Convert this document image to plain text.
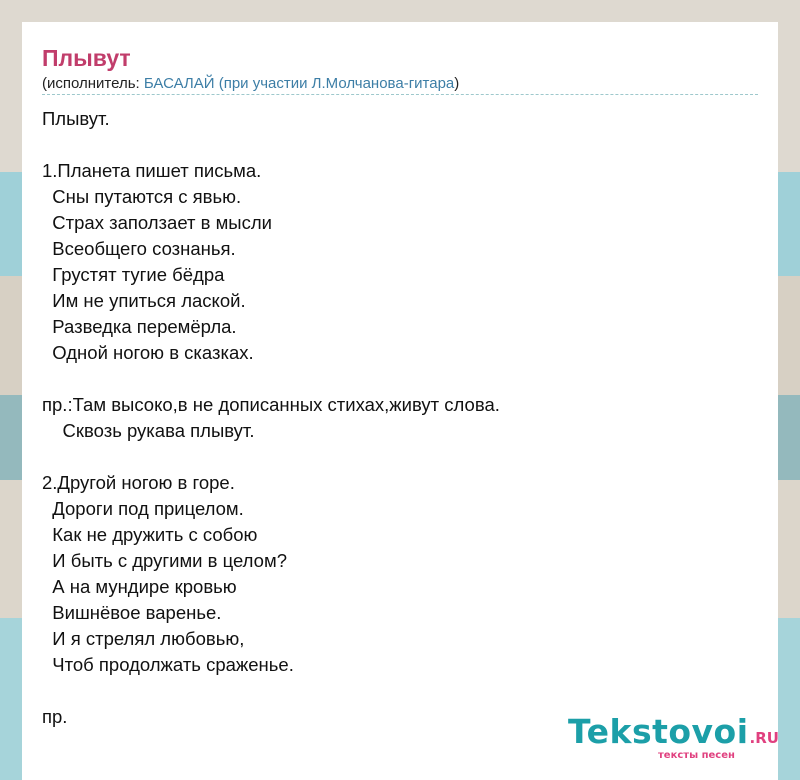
Плывут
(исполнитель: БАСАЛАЙ (при участии Л.Молчанова-гитара)
Плывут.

1.Планета пишет письма.
Сны путаются с явью.
Страх заползает в мысли
Всеобщего сознанья.
Грустят тугие бёдра
Им не упиться лаской.
Разведка перемёрла.
Одной ногою в сказках.

пр.:Там высоко,в не дописанных стихах,живут слова.
Сквозь рукава плывут.

2.Другой ногою в горе.
Дороги под прицелом.
Как не дружить с собою
И быть с другими в целом?
А на мундире кровью
Вишнёвое варенье.
И я стрелял любовью,
Чтоб продолжать сраженье.

пр.	Tekstovoi.RU
тексты песен
